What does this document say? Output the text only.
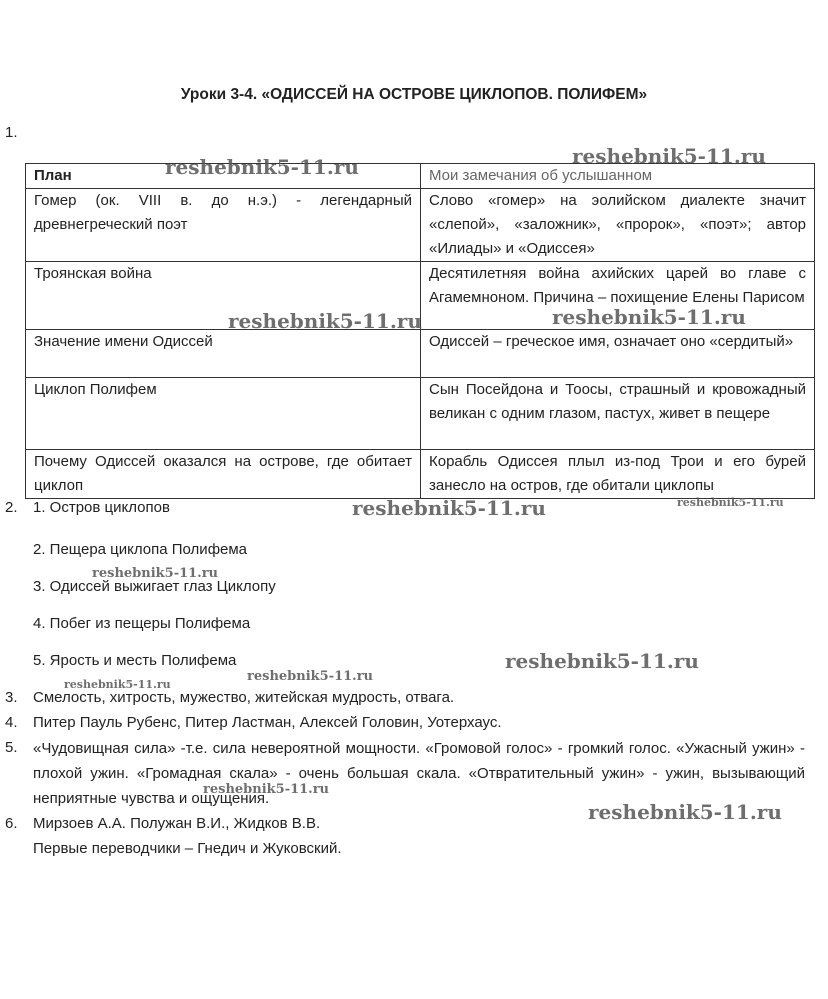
Уроки 3-4. «ОДИССЕЙ НА ОСТРОВЕ ЦИКЛОПОВ. ПОЛИФЕМ»
1.
План	Мои замечания об услышанном
Гомер (ок. VIII в. до н.э.) - легендарный древнегреческий поэт	Слово «гомер» на эолийском диалекте значит «слепой», «заложник», «пророк», «поэт»; автор «Илиады» и «Одиссея»
Троянская война	Десятилетняя война ахийских царей во главе с Агамемноном. Причина – похищение Елены Парисом
Значение имени Одиссей	Одиссей – греческое имя, означает оно «сердитый»
Циклоп Полифем	Сын Посейдона и Тоосы, страшный и кровожадный великан с одним глазом, пастух, живет в пещере
Почему Одиссей оказался на острове, где обитает циклоп	Корабль Одиссея плыл из-под Трои и его бурей занесло на остров, где обитали циклопы
2. 1. Остров циклопов
2. Пещера циклопа Полифема
3. Одиссей выжигает глаз Циклопу
4. Побег из пещеры Полифема
5. Ярость и месть Полифема
3. Смелость, хитрость, мужество, житейская мудрость, отвага.
4. Питер Пауль Рубенс, Питер Ластман, Алексей Головин, Уотерхаус.
5. «Чудовищная сила» -т.е. сила невероятной мощности. «Громовой голос» - громкий голос. «Ужасный ужин» - плохой ужин. «Громадная скала» - очень большая скала. «Отвратительный ужин» - ужин, вызывающий неприятные чувства и ощущения.
6. Мирзоев А.А. Полужан В.И., Жидков В.В.
Первые переводчики – Гнедич и Жуковский.
reshebnik5-11.ru	reshebnik5-11.ru
reshebnik5-11.ru	reshebnik5-11.ru
reshebnik5-11.ru	reshebnik5-11.ru
reshebnik5-11.ru
reshebnik5-11.ru
reshebnik5-11.ru
reshebnik5-11.ru
reshebnik5-11.ru
reshebnik5-11.ru
